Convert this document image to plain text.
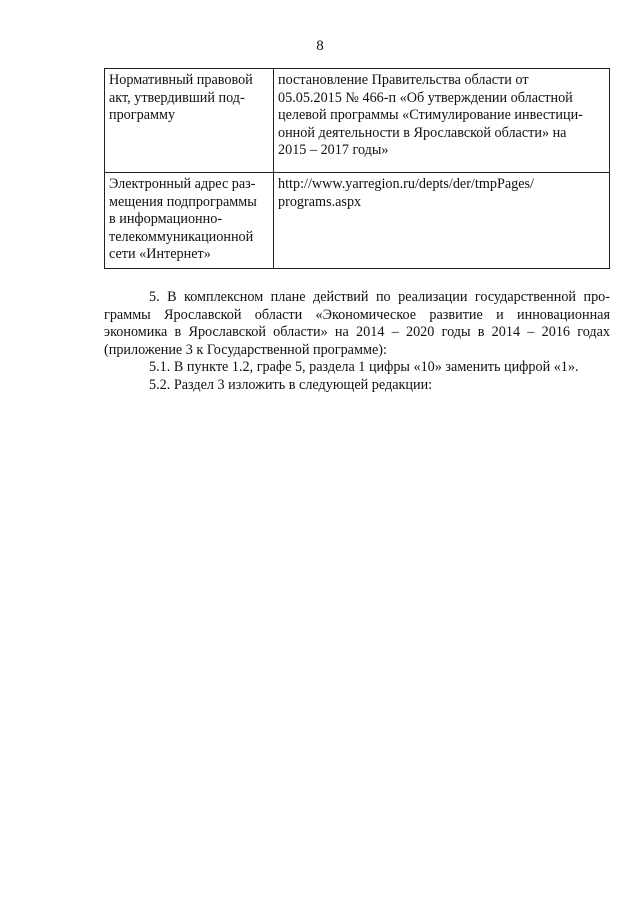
8
Нормативный правовой
акт, утвердивший под-
программу	постановление Правительства области от
05.05.2015 № 466-п «Об утверждении областной
целевой программы «Стимулирование инвестици-
онной деятельности в Ярославской области» на
2015 – 2017 годы»

Электронный адрес раз-
мещения подпрограммы
в информационно-
телекоммуникационной
сети «Интернет»	http://www.yarregion.ru/depts/der/tmpPages/
programs.aspx
5. В комплексном плане действий по реализации государственной про-
граммы Ярославской области «Экономическое развитие и инновационная
экономика в Ярославской области» на 2014 – 2020 годы в 2014 – 2016 годах
(приложение 3 к Государственной программе):
5.1. В пункте 1.2, графе 5, раздела 1 цифры «10» заменить цифрой «1».
5.2. Раздел 3 изложить в следующей редакции:
